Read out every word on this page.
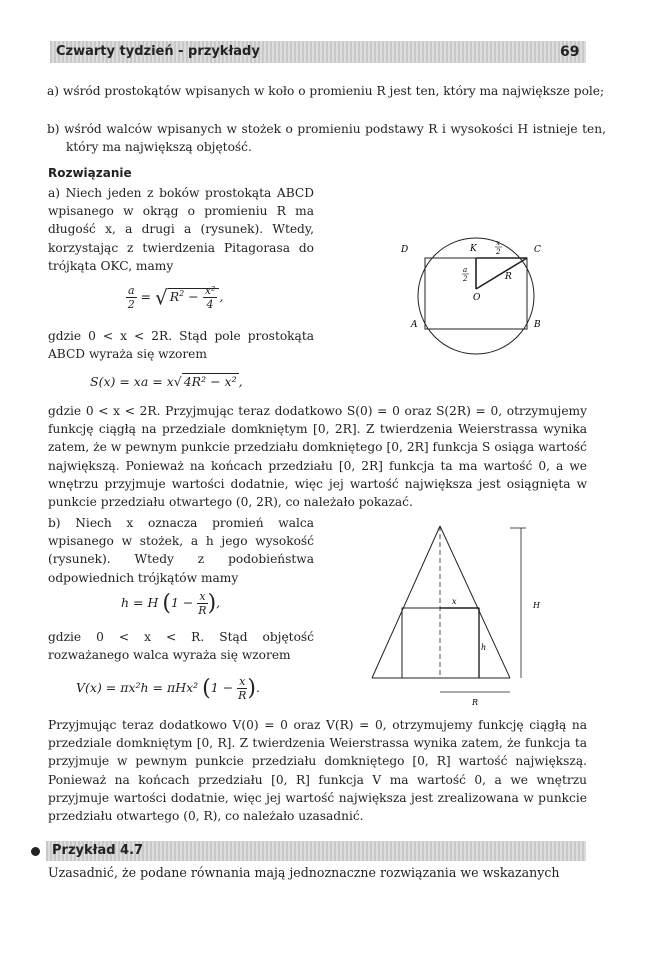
Czwarty tydzień - przykłady	69

a) wśród prostokątów wpisanych w koło o promieniu R jest ten, który ma największe pole;

b) wśród walców wpisanych w stożek o promieniu podstawy R i wysokości H istnieje ten, który ma największą objętość.

Rozwiązanie

a) Niech jeden z boków prostokąta ABCD wpisanego w okrąg o promieniu R ma długość x, a drugi a (rysunek). Wtedy, korzystając z twierdzenia Pitagorasa do trójkąta OKC, mamy

$\frac{a}{2}$ = √ $R^2 - \frac{\text{x²}}{4}$ ,

gdzie 0 < x < 2R. Stąd pole prostokąta ABCD wyraża się wzorem

S(x) = xa = x√ 4R² − x² ,
D	K
x
2	C
a
2	R
O
A	B

gdzie 0 < x < 2R. Przyjmując teraz dodatkowo S(0) = 0 oraz S(2R) = 0, otrzymujemy funkcję ciągłą na przedziale domkniętym [0, 2R]. Z twierdzenia Weierstrassa wynika zatem, że w pewnym punkcie przedziału domkniętego [0, 2R] funkcja S osiąga wartość największą. Ponieważ na końcach przedziału [0, 2R] funkcja ta ma wartość 0, a we wnętrzu przyjmuje wartości dodatnie, więc jej wartość największa jest osiągnięta w punkcie przedziału otwartego (0, 2R), co należało pokazać.

b) Niech x oznacza promień walca wpisanego w stożek, a h jego wysokość (rysunek). Wtedy z podobieństwa odpowiednich trójkątów mamy

h = H ($1 - \frac{x}{R}$ ),

gdzie 0 < x < R. Stąd objętość rozważanego walca wyraża się wzorem

V(x) = πx²h = πHx² ($1 - \frac{x}{R}$ ).
x
h
H
R

Przyjmując teraz dodatkowo V(0) = 0 oraz V(R) = 0, otrzymujemy funkcję ciągłą na przedziale domkniętym [0, R]. Z twierdzenia Weierstrassa wynika zatem, że funkcja ta przyjmuje w pewnym punkcie przedziału domkniętego [0, R] wartość największą. Ponieważ na końcach przedziału [0, R] funkcja V ma wartość 0, a we wnętrzu przyjmuje wartości dodatnie, więc jej wartość największa jest zrealizowana w punkcie przedziału otwartego (0, R), co należało uzasadnić.

Przykład 4.7

Uzasadnić, że podane równania mają jednoznaczne rozwiązania we wskazanych
